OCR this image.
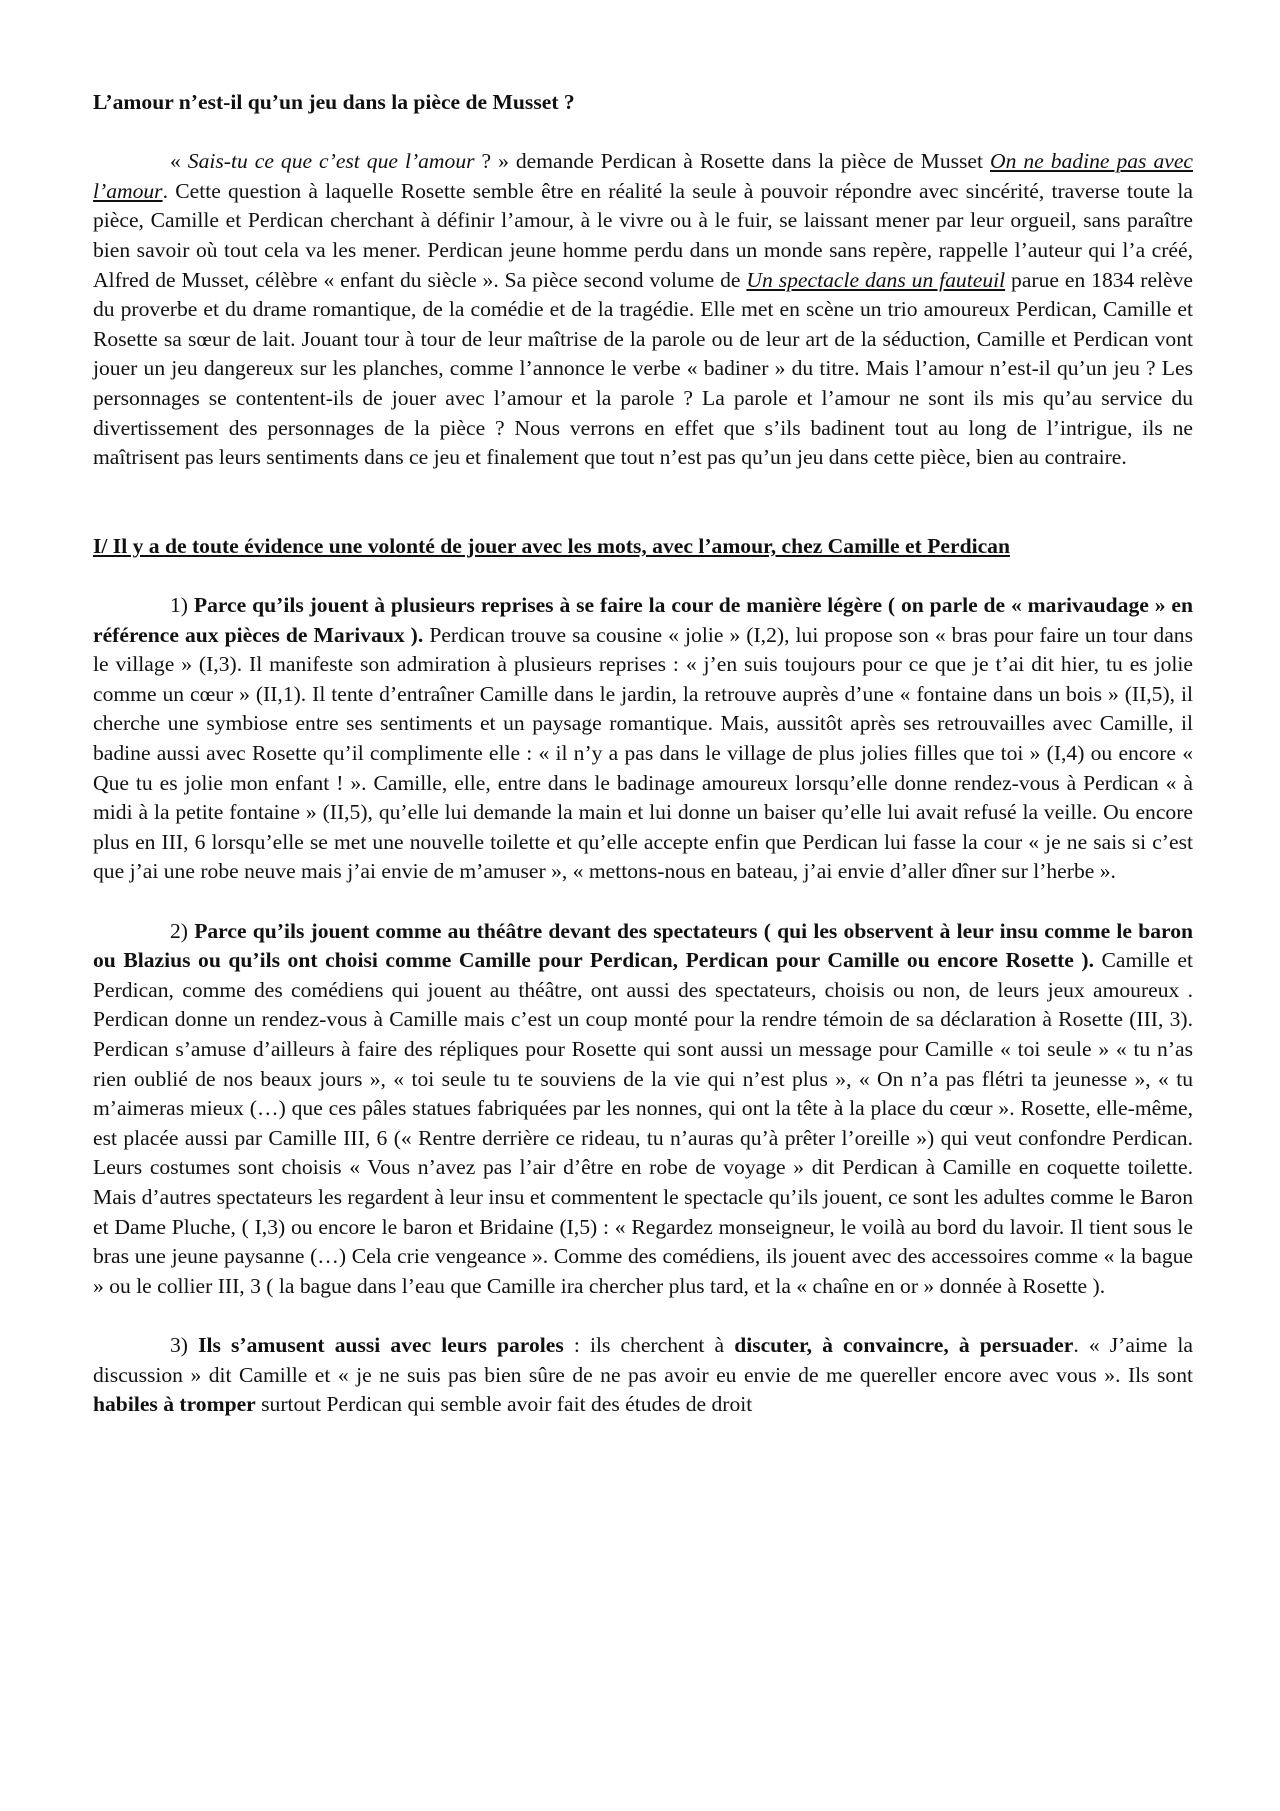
L’amour n’est-il qu’un jeu dans la pièce de Musset ?

« Sais-tu ce que c’est que l’amour ? » demande Perdican à Rosette dans la pièce de Musset On ne badine pas avec l’amour. Cette question à laquelle Rosette semble être en réalité la seule à pouvoir répondre avec sincérité, traverse toute la pièce, Camille et Perdican cherchant à définir l’amour, à le vivre ou à le fuir, se laissant mener par leur orgueil, sans paraître bien savoir où tout cela va les mener. Perdican jeune homme perdu dans un monde sans repère, rappelle l’auteur qui l’a créé, Alfred de Musset, célèbre « enfant du siècle ». Sa pièce second volume de Un spectacle dans un fauteuil parue en 1834 relève du proverbe et du drame romantique, de la comédie et de la tragédie. Elle met en scène un trio amoureux Perdican, Camille et Rosette sa sœur de lait. Jouant tour à tour de leur maîtrise de la parole ou de leur art de la séduction, Camille et Perdican vont jouer un jeu dangereux sur les planches, comme l’annonce le verbe « badiner » du titre. Mais l’amour n’est-il qu’un jeu ? Les personnages se contentent-ils de jouer avec l’amour et la parole ? La parole et l’amour ne sont ils mis qu’au service du divertissement des personnages de la pièce ? Nous verrons en effet que s’ils badinent tout au long de l’intrigue, ils ne maîtrisent pas leurs sentiments dans ce jeu et finalement que tout n’est pas qu’un jeu dans cette pièce, bien au contraire.

I/ Il y a de toute évidence une volonté de jouer avec les mots, avec l’amour, chez Camille et Perdican

1) Parce qu’ils jouent à plusieurs reprises à se faire la cour de manière légère ( on parle de « marivaudage » en référence aux pièces de Marivaux ). Perdican trouve sa cousine « jolie » (I,2), lui propose son « bras pour faire un tour dans le village » (I,3). Il manifeste son admiration à plusieurs reprises : « j’en suis toujours pour ce que je t’ai dit hier, tu es jolie comme un cœur » (II,1). Il tente d’entraîner Camille dans le jardin, la retrouve auprès d’une « fontaine dans un bois » (II,5), il cherche une symbiose entre ses sentiments et un paysage romantique. Mais, aussitôt après ses retrouvailles avec Camille, il badine aussi avec Rosette qu’il complimente elle : « il n’y a pas dans le village de plus jolies filles que toi » (I,4) ou encore « Que tu es jolie mon enfant ! ». Camille, elle, entre dans le badinage amoureux lorsqu’elle donne rendez-vous à Perdican « à midi à la petite fontaine » (II,5), qu’elle lui demande la main et lui donne un baiser qu’elle lui avait refusé la veille. Ou encore plus en III, 6 lorsqu’elle se met une nouvelle toilette et qu’elle accepte enfin que Perdican lui fasse la cour « je ne sais si c’est que j’ai une robe neuve mais j’ai envie de m’amuser », « mettons-nous en bateau, j’ai envie d’aller dîner sur l’herbe ».

2) Parce qu’ils jouent comme au théâtre devant des spectateurs ( qui les observent à leur insu comme le baron ou Blazius ou qu’ils ont choisi comme Camille pour Perdican, Perdican pour Camille ou encore Rosette ). Camille et Perdican, comme des comédiens qui jouent au théâtre, ont aussi des spectateurs, choisis ou non, de leurs jeux amoureux . Perdican donne un rendez-vous à Camille mais c’est un coup monté pour la rendre témoin de sa déclaration à Rosette (III, 3). Perdican s’amuse d’ailleurs à faire des répliques pour Rosette qui sont aussi un message pour Camille « toi seule » « tu n’as rien oublié de nos beaux jours », « toi seule tu te souviens de la vie qui n’est plus », « On n’a pas flétri ta jeunesse », « tu m’aimeras mieux (…) que ces pâles statues fabriquées par les nonnes, qui ont la tête à la place du cœur ». Rosette, elle-même, est placée aussi par Camille III, 6 (« Rentre derrière ce rideau, tu n’auras qu’à prêter l’oreille ») qui veut confondre Perdican. Leurs costumes sont choisis « Vous n’avez pas l’air d’être en robe de voyage » dit Perdican à Camille en coquette toilette. Mais d’autres spectateurs les regardent à leur insu et commentent le spectacle qu’ils jouent, ce sont les adultes comme le Baron et Dame Pluche, ( I,3) ou encore le baron et Bridaine (I,5) : « Regardez monseigneur, le voilà au bord du lavoir. Il tient sous le bras une jeune paysanne (…) Cela crie vengeance ». Comme des comédiens, ils jouent avec des accessoires comme « la bague » ou le collier III, 3 ( la bague dans l’eau que Camille ira chercher plus tard, et la « chaîne en or » donnée à Rosette ).

3) Ils s’amusent aussi avec leurs paroles : ils cherchent à discuter, à convaincre, à persuader. « J’aime la discussion » dit Camille et « je ne suis pas bien sûre de ne pas avoir eu envie de me quereller encore avec vous ». Ils sont habiles à tromper surtout Perdican qui semble avoir fait des études de droit
